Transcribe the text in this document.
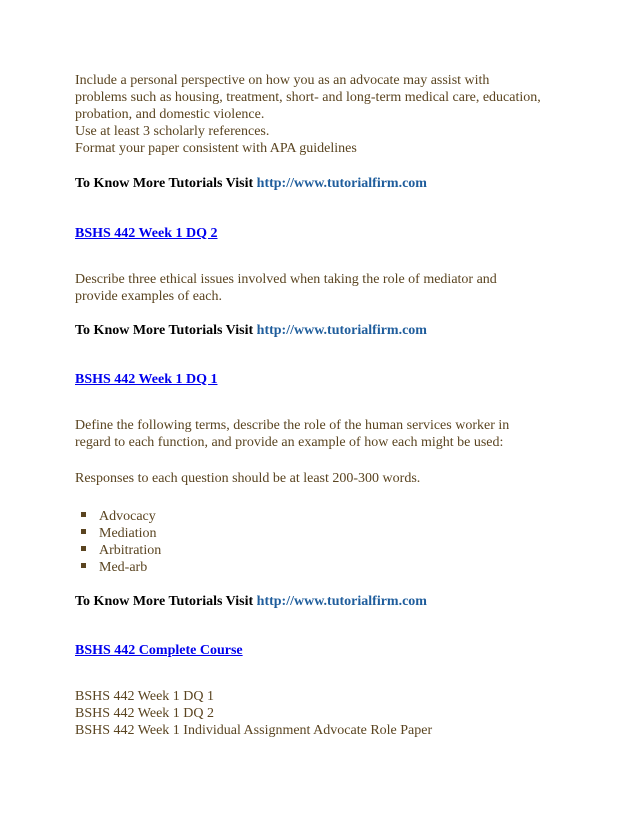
Include a personal perspective on how you as an advocate may assist with

problems such as housing, treatment, short- and long-term medical care, education,

probation, and domestic violence.

Use at least 3 scholarly references.

Format your paper consistent with APA guidelines

To Know More Tutorials Visit http://www.tutorialfirm.com

BSHS 442 Week 1 DQ 2

Describe three ethical issues involved when taking the role of mediator and

provide examples of each.

To Know More Tutorials Visit http://www.tutorialfirm.com

BSHS 442 Week 1 DQ 1

Define the following terms, describe the role of the human services worker in

regard to each function, and provide an example of how each might be used:

Responses to each question should be at least 200-300 words.

Advocacy

Mediation

Arbitration

Med-arb

To Know More Tutorials Visit http://www.tutorialfirm.com

BSHS 442 Complete Course

BSHS 442 Week 1 DQ 1

BSHS 442 Week 1 DQ 2

BSHS 442 Week 1 Individual Assignment Advocate Role Paper
